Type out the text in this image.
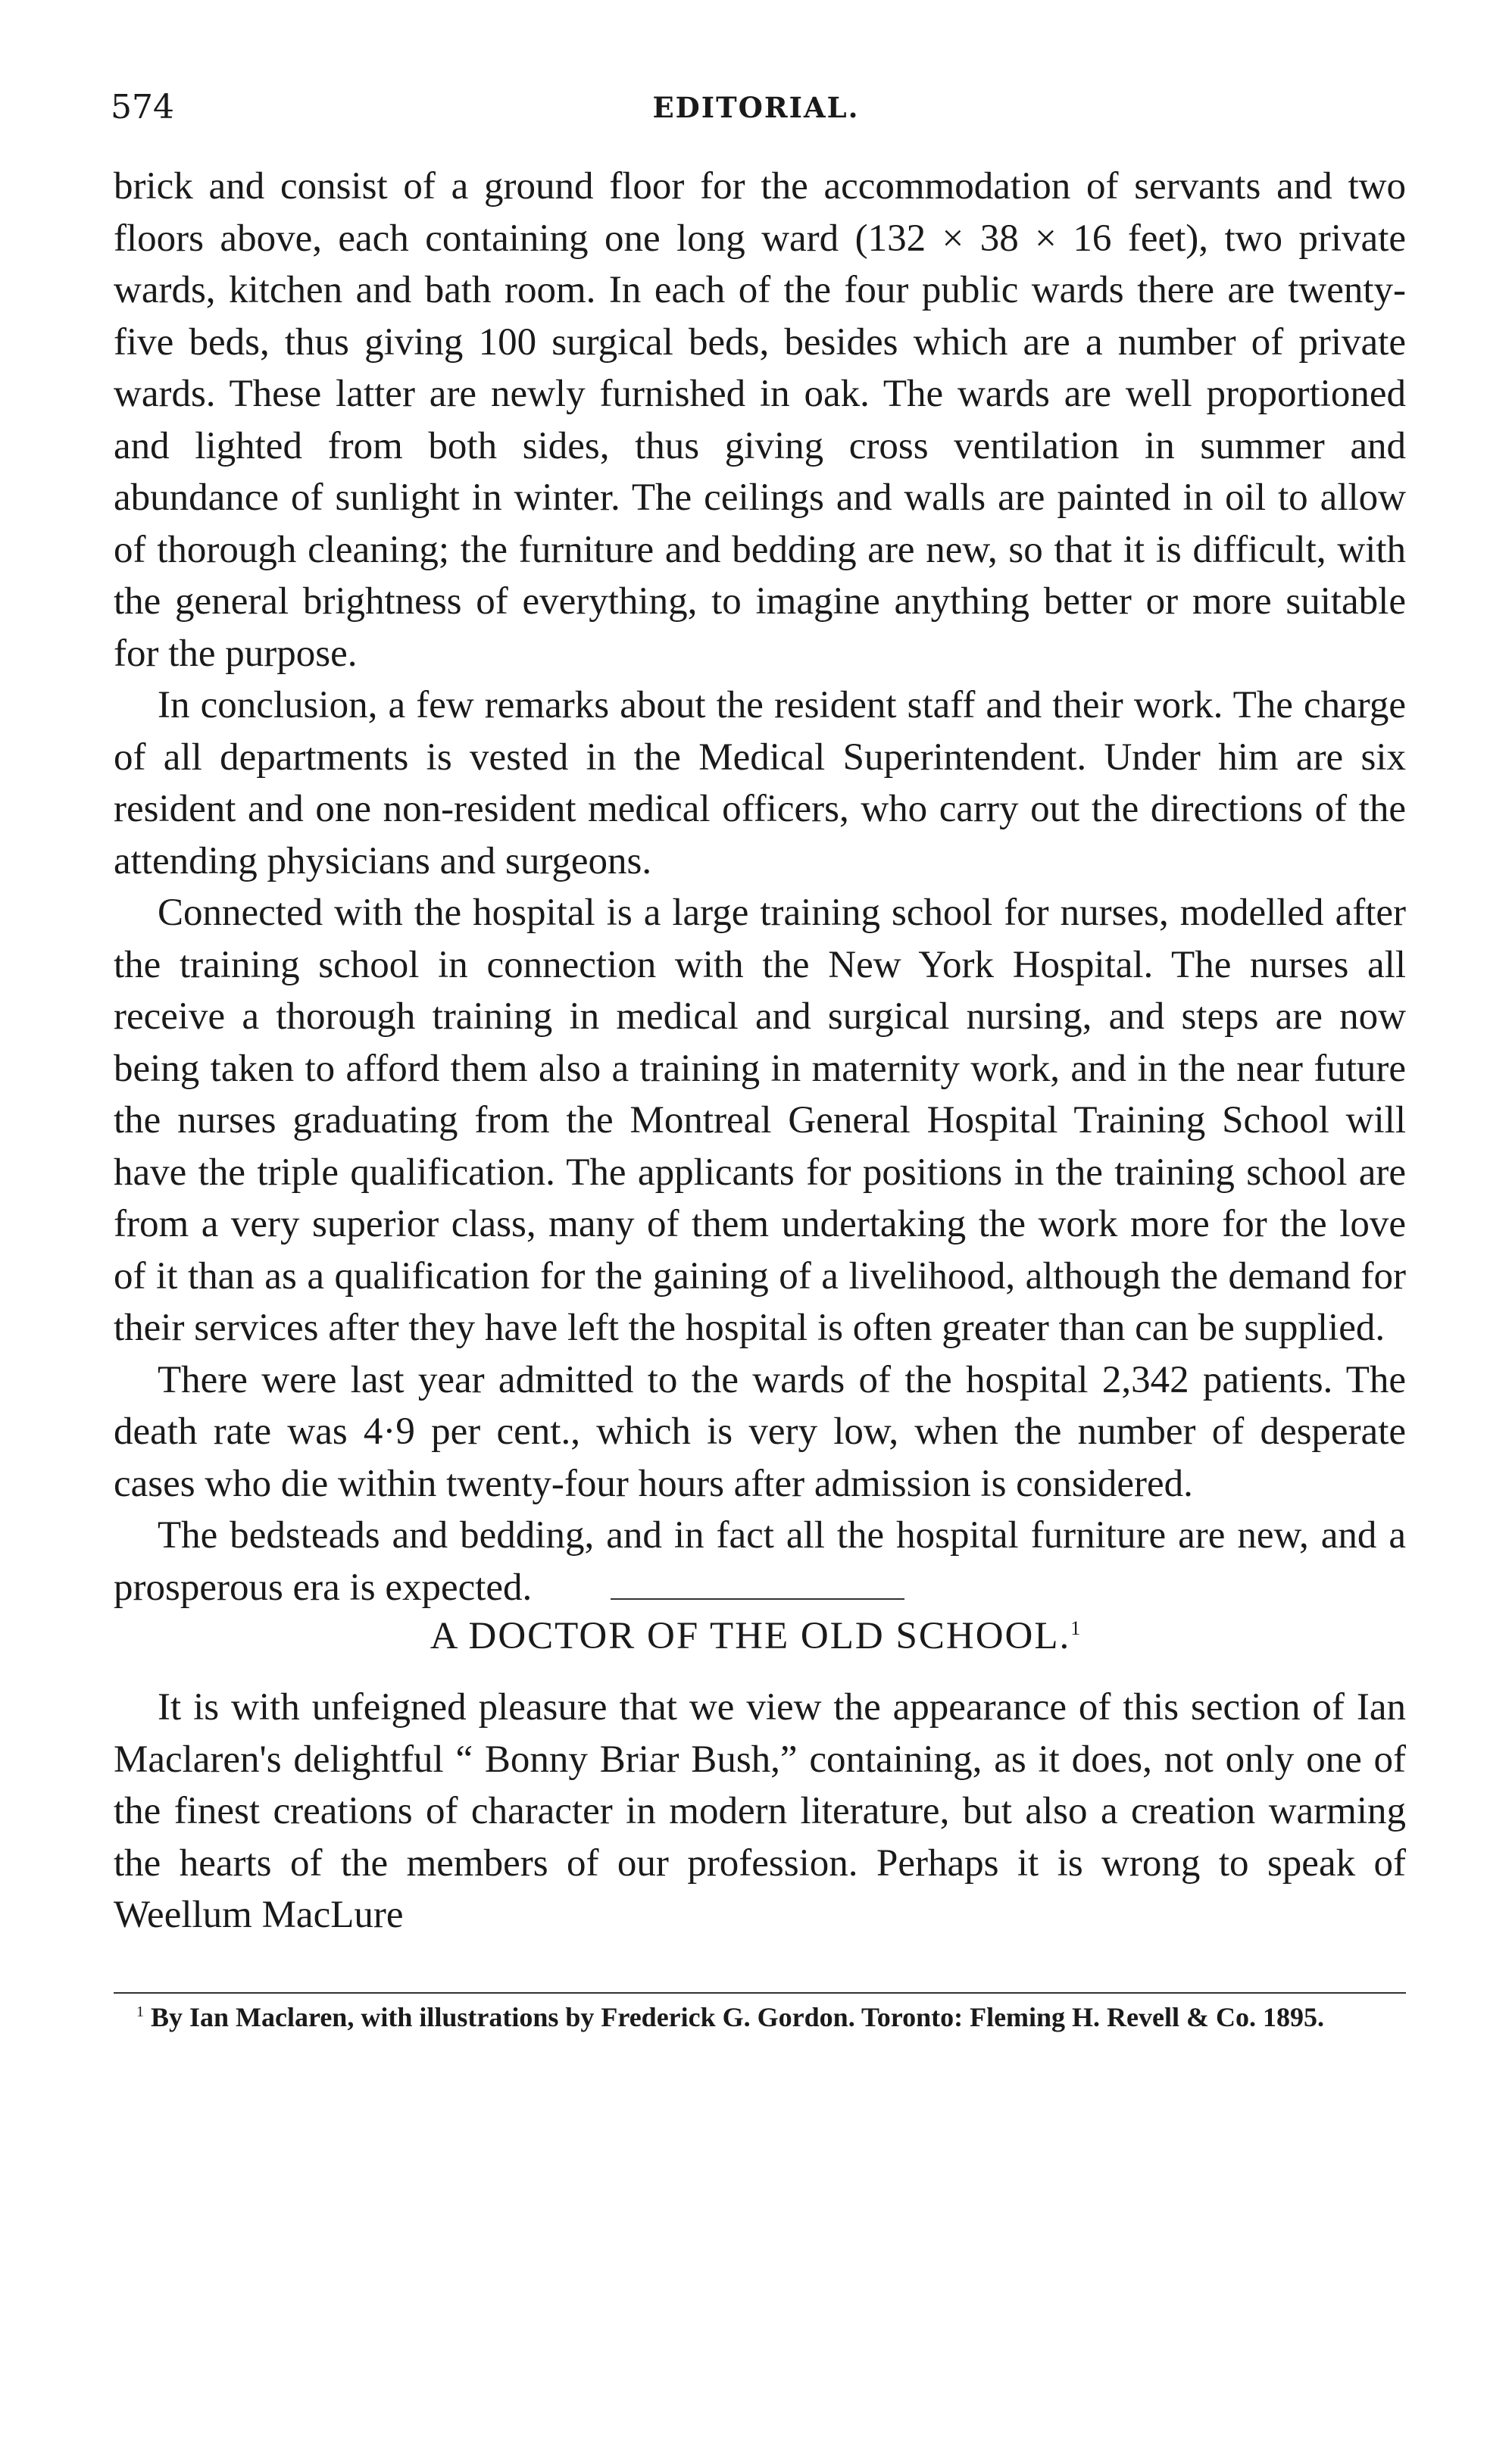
574	EDITORIAL.

brick and consist of a ground floor for the accommodation of servants and two floors above, each containing one long ward (132 × 38 × 16 feet), two private wards, kitchen and bath room. In each of the four public wards there are twenty-five beds, thus giving 100 surgical beds, besides which are a number of private wards. These latter are newly furnished in oak. The wards are well proportioned and lighted from both sides, thus giving cross ventilation in summer and abundance of sunlight in winter. The ceilings and walls are painted in oil to allow of thorough cleaning; the furniture and bedding are new, so that it is difficult, with the general brightness of everything, to imagine anything better or more suitable for the purpose.

In conclusion, a few remarks about the resident staff and their work. The charge of all departments is vested in the Medical Superintendent. Under him are six resident and one non-resident medical officers, who carry out the directions of the attending physicians and surgeons.

Connected with the hospital is a large training school for nurses, modelled after the training school in connection with the New York Hospital. The nurses all receive a thorough training in medical and surgical nursing, and steps are now being taken to afford them also a training in maternity work, and in the near future the nurses graduating from the Montreal General Hospital Training School will have the triple qualification. The applicants for positions in the training school are from a very superior class, many of them undertaking the work more for the love of it than as a qualification for the gaining of a livelihood, although the demand for their services after they have left the hospital is often greater than can be supplied.

There were last year admitted to the wards of the hospital 2,342 patients. The death rate was 4·9 per cent., which is very low, when the number of desperate cases who die within twenty-four hours after admission is considered.

The bedsteads and bedding, and in fact all the hospital furniture are new, and a prosperous era is expected.

A DOCTOR OF THE OLD SCHOOL.$^1$

It is with unfeigned pleasure that we view the appearance of this section of Ian Maclaren's delightful “ Bonny Briar Bush,” containing, as it does, not only one of the finest creations of character in modern literature, but also a creation warming the hearts of the members of our profession. Perhaps it is wrong to speak of Weellum MacLure

$^1$ By Ian Maclaren, with illustrations by Frederick G. Gordon. Toronto: Fleming H. Revell & Co. 1895.
